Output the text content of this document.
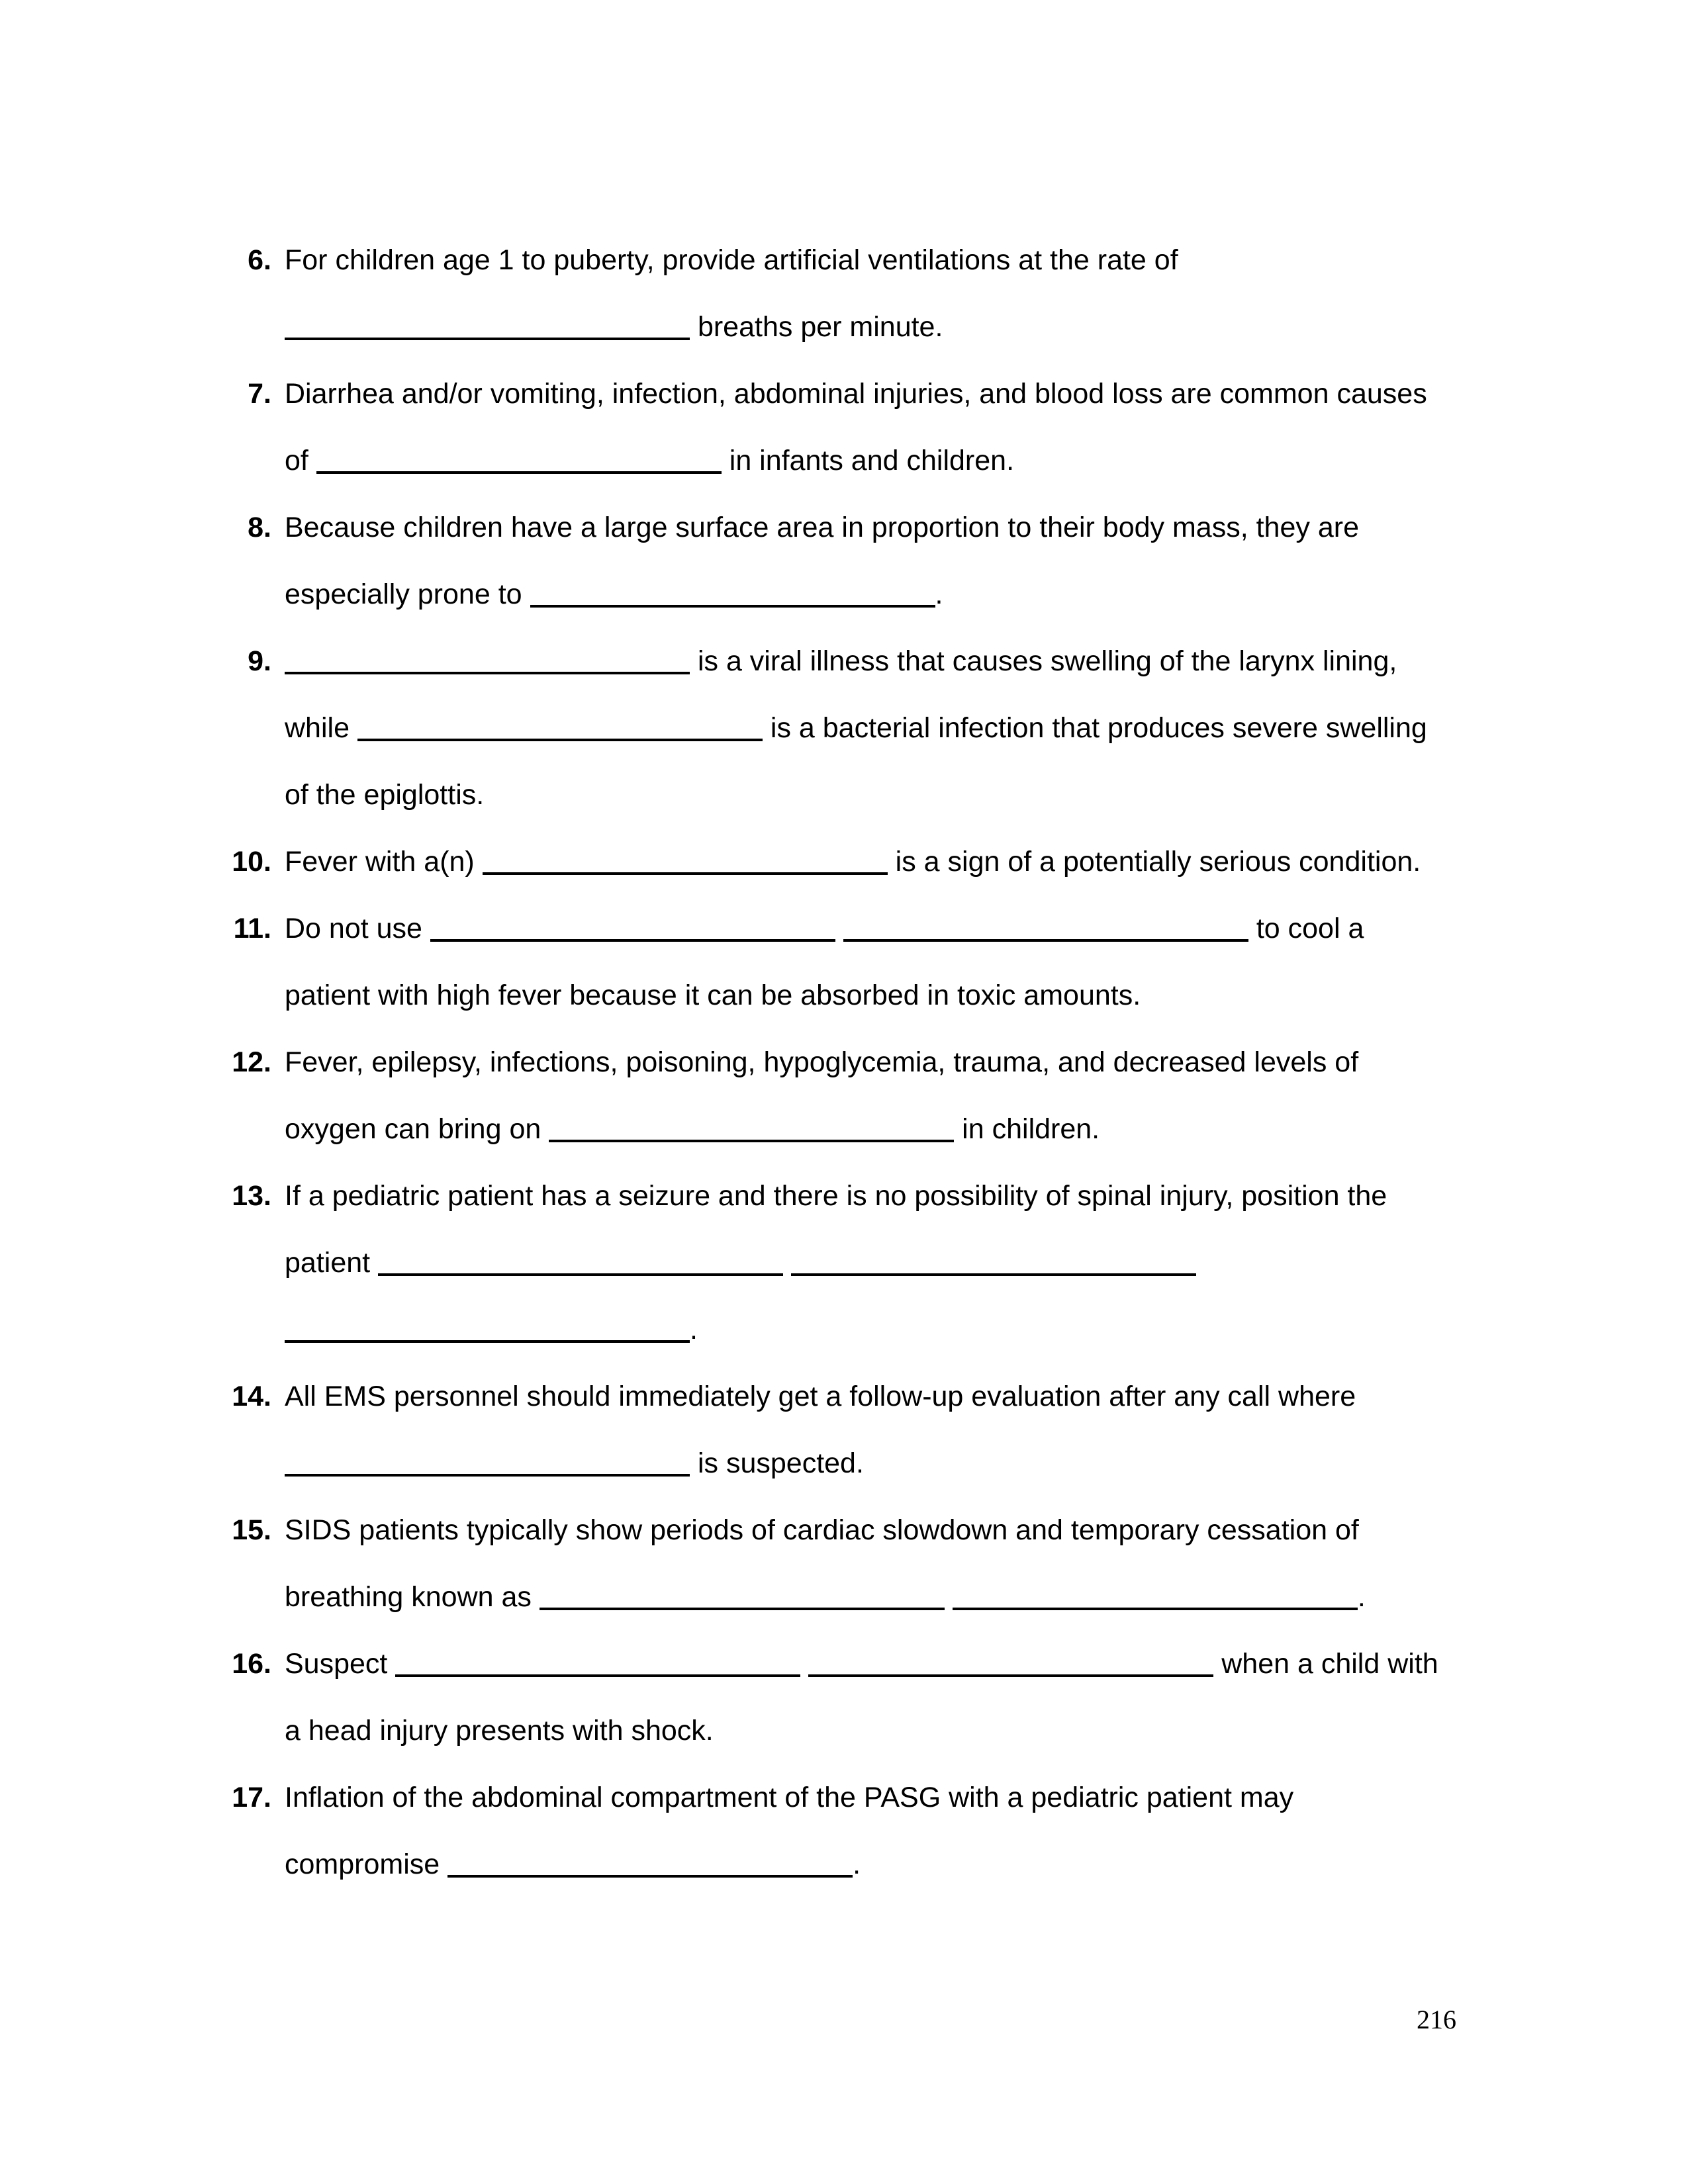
6. For children age 1 to puberty, provide artificial ventilations at the rate of
breaths per minute.
7. Diarrhea and/or vomiting, infection, abdominal injuries, and blood loss are common causes
of	in infants and children.
8. Because children have a large surface area in proportion to their body mass, they are
especially prone to	.
9.	is a viral illness that causes swelling of the larynx lining,
while	is a bacterial infection that produces severe swelling
of the epiglottis.
10. Fever with a(n)	is a sign of a potentially serious condition.
11. Do not use	to cool a
patient with high fever because it can be absorbed in toxic amounts.
12. Fever, epilepsy, infections, poisoning, hypoglycemia, trauma, and decreased levels of
oxygen can bring on	in children.
13. If a pediatric patient has a seizure and there is no possibility of spinal injury, position the
patient
.
14. All EMS personnel should immediately get a follow-up evaluation after any call where
is suspected.
15. SIDS patients typically show periods of cardiac slowdown and temporary cessation of
breathing known as	.
16. Suspect	when a child with
a head injury presents with shock.
17. Inflation of the abdominal compartment of the PASG with a pediatric patient may
compromise	.
216
